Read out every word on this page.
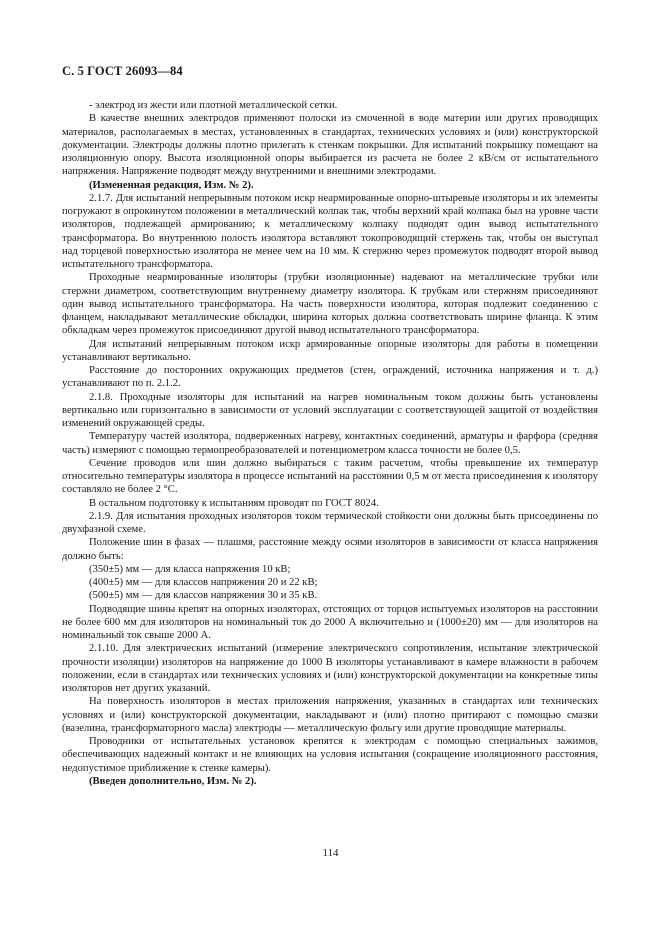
С. 5 ГОСТ 26093—84

- электрод из жести или плотной металлической сетки.

В качестве внешних электродов применяют полоски из смоченной в воде материи или других проводящих материалов, располагаемых в местах, установленных в стандартах, технических условиях и (или) конструкторской документации. Электроды должны плотно прилегать к стенкам покрышки. Для испытаний покрышку помещают на изоляционную опору. Высота изоляционной опоры выбирается из расчета не более 2 кВ/см от испытательного напряжения. Напряжение подводят между внутренними и внешними электродами.

(Измененная редакция, Изм. № 2).

2.1.7. Для испытаний непрерывным потоком искр неармированные опорно-штыревые изоляторы и их элементы погружают в опрокинутом положении в металлический колпак так, чтобы верхний край колпака был на уровне части изоляторов, подлежащей армированию; к металлическому колпаку подводят один вывод испытательного трансформатора. Во внутреннюю полость изолятора вставляют токопроводящий стержень так, чтобы он выступал над торцевой поверхностью изолятора не менее чем на 10 мм. К стержню через промежуток подводят второй вывод испытательного трансформатора.

Проходные неармированные изоляторы (трубки изоляционные) надевают на металлические трубки или стержни диаметром, соответствующим внутреннему диаметру изолятора. К трубкам или стержням присоединяют один вывод испытательного трансформатора. На часть поверхности изолятора, которая подлежит соединению с фланцем, накладывают металлические обкладки, ширина которых должна соответствовать ширине фланца. К этим обкладкам через промежуток присоединяют другой вывод испытательного трансформатора.

Для испытаний непрерывным потоком искр армированные опорные изоляторы для работы в помещении устанавливают вертикально.

Расстояние до посторонних окружающих предметов (стен, ограждений, источника напряжения и т. д.) устанавливают по п. 2.1.2.

2.1.8. Проходные изоляторы для испытаний на нагрев номинальным током должны быть установлены вертикально или горизонтально в зависимости от условий эксплуатации с соответствующей защитой от воздействия изменений окружающей среды.

Температуру частей изолятора, подверженных нагреву, контактных соединений, арматуры и фарфора (средняя часть) измеряют с помощью термопреобразователей и потенциометром класса точности не более 0,5.

Сечение проводов или шин должно выбираться с таким расчетом, чтобы превышение их температур относительно температуры изолятора в процессе испытаний на расстоянии 0,5 м от места присоединения к изолятору составляло не более 2 °С.

В остальном подготовку к испытаниям проводят по ГОСТ 8024.

2.1.9. Для испытания проходных изоляторов током термической стойкости они должны быть присоединены по двухфазной схеме.

Положение шин в фазах — плашмя, расстояние между осями изоляторов в зависимости от класса напряжения должно быть:

(350±5) мм — для класса напряжения 10 кВ;

(400±5) мм — для классов напряжения 20 и 22 кВ;

(500±5) мм — для классов напряжения 30 и 35 кВ.

Подводящие шины крепят на опорных изоляторах, отстоящих от торцов испытуемых изоляторов на расстоянии не более 600 мм для изоляторов на номинальный ток до 2000 А включительно и (1000±20) мм — для изоляторов на номинальный ток свыше 2000 А.

2.1.10. Для электрических испытаний (измерение электрического сопротивления, испытание электрической прочности изоляции) изоляторов на напряжение до 1000 В изоляторы устанавливают в камере влажности в рабочем положении, если в стандартах или технических условиях и (или) конструкторской документации на конкретные типы изоляторов нет других указаний.

На поверхность изоляторов в местах приложения напряжения, указанных в стандартах или технических условиях и (или) конструкторской документации, накладывают и (или) плотно притирают с помощью смазки (вазелина, трансформаторного масла) электроды — металлическую фольгу или другие проводящие материалы.

Проводники от испытательных установок крепятся к электродам с помощью специальных зажимов, обеспечивающих надежный контакт и не влияющих на условия испытания (сокращение изоляционного расстояния, недопустимое приближение к стенке камеры).

(Введен дополнительно, Изм. № 2).

114
